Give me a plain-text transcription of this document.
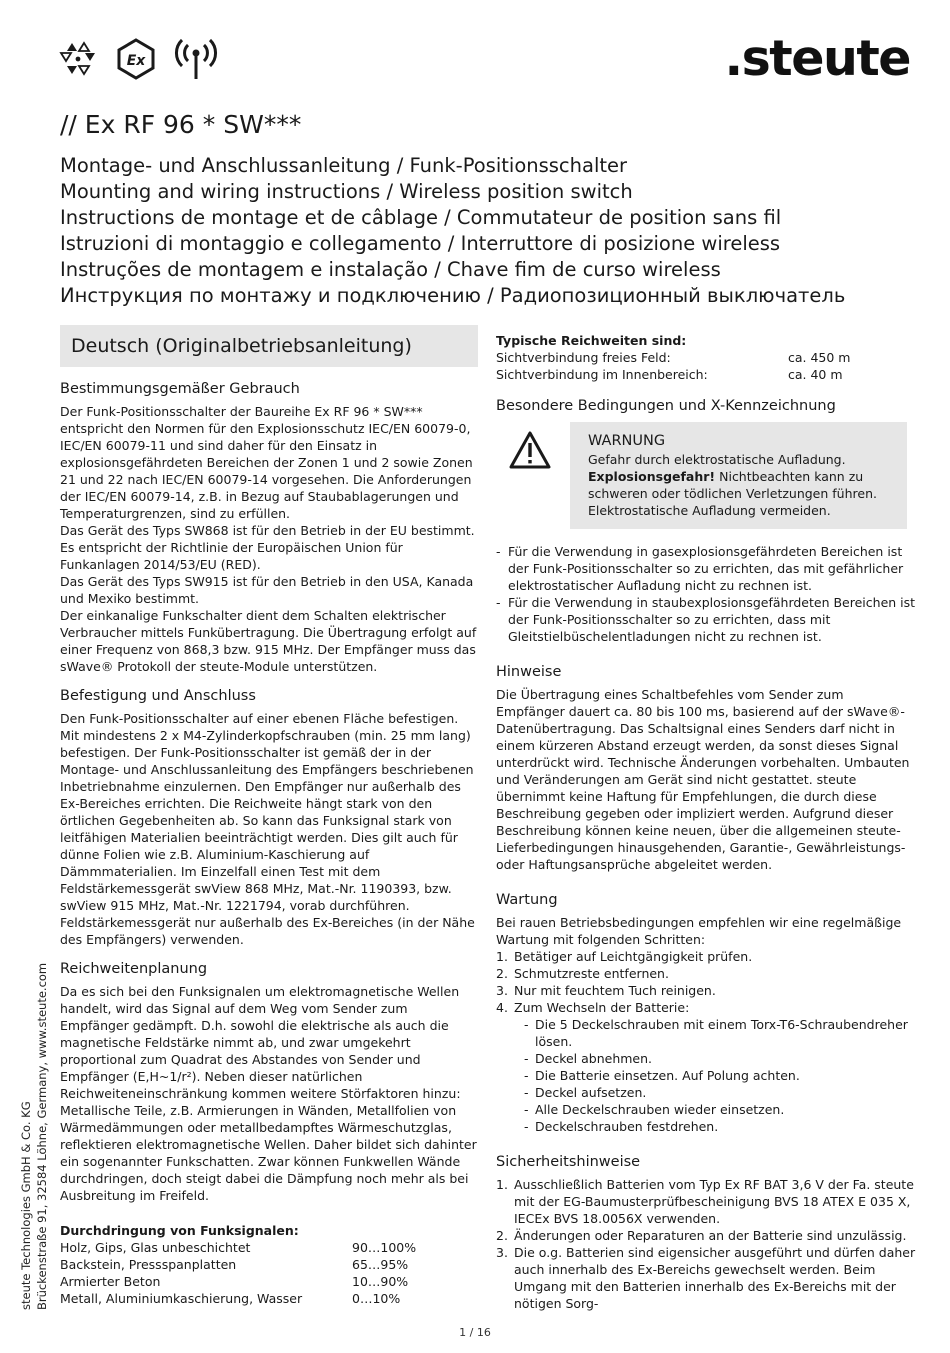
Ex	.steute
// Ex RF 96 * SW***
Montage- und Anschlussanleitung / Funk-Positionsschalter
Mounting and wiring instructions / Wireless position switch
Instructions de montage et de câblage / Commutateur de position sans fil
Istruzioni di montaggio e collegamento / Interruttore di posizione wireless
Instruções de montagem e instalação / Chave fim de curso wireless
Инструкция по монтажу и подключению / Радиопозиционный выключатель
Deutsch (Originalbetriebsanleitung)
Bestimmungsgemäßer Gebrauch

Der Funk-Positionsschalter der Baureihe Ex RF 96 * SW*** entspricht den Normen für den Explosionsschutz IEC/EN 60079-0, IEC/EN 60079-11 und sind daher für den Einsatz in explosionsgefährdeten Bereichen der Zonen 1 und 2 sowie Zonen 21 und 22 nach IEC/EN 60079-14 vorgesehen. Die Anforderungen der IEC/EN 60079-14, z.B. in Bezug auf Staubablagerungen und Temperaturgrenzen, sind zu erfüllen.

Das Gerät des Typs SW868 ist für den Betrieb in der EU bestimmt. Es entspricht der Richtlinie der Europäischen Union für Funkanlagen 2014/53/EU (RED).

Das Gerät des Typs SW915 ist für den Betrieb in den USA, Kanada und Mexiko bestimmt.

Der einkanalige Funkschalter dient dem Schalten elektrischer Verbraucher mittels Funkübertragung. Die Übertragung erfolgt auf einer Frequenz von 868,3 bzw. 915 MHz. Der Empfänger muss das sWave® Protokoll der steute-Module unterstützen.

Befestigung und Anschluss

Den Funk-Positionsschalter auf einer ebenen Fläche befestigen. Mit mindestens 2 x M4-Zylinderkopfschrauben (min. 25 mm lang) befestigen. Der Funk-Positionsschalter ist gemäß der in der Montage- und Anschlussanleitung des Empfängers beschriebenen Inbetriebnahme einzulernen. Den Empfänger nur außerhalb des Ex-Bereiches errichten. Die Reichweite hängt stark von den örtlichen Gegebenheiten ab. So kann das Funksignal stark von leitfähigen Materialien beeinträchtigt werden. Dies gilt auch für dünne Folien wie z.B. Aluminium-Kaschierung auf Dämmmaterialien. Im Einzelfall einen Test mit dem Feldstärkemessgerät swView 868 MHz, Mat.-Nr. 1190393, bzw. swView 915 MHz, Mat.-Nr. 1221794, vorab durchführen. Feldstärkemessgerät nur außerhalb des Ex-Bereiches (in der Nähe des Empfängers) verwenden.

Reichweitenplanung

Da es sich bei den Funksignalen um elektromagnetische Wellen handelt, wird das Signal auf dem Weg vom Sender zum Empfänger gedämpft. D.h. sowohl die elektrische als auch die magnetische Feldstärke nimmt ab, und zwar umgekehrt proportional zum Quadrat des Abstandes von Sender und Empfänger (E,H~1/r²). Neben dieser natürlichen Reichweiteneinschränkung kommen weitere Störfaktoren hinzu: Metallische Teile, z.B. Armierungen in Wänden, Metallfolien von Wärmedämmungen oder metallbedampftes Wärmeschutzglas, reflektieren elektromagnetische Wellen. Daher bildet sich dahinter ein sogenannter Funkschatten. Zwar können Funkwellen Wände durchdringen, doch steigt dabei die Dämpfung noch mehr als bei Ausbreitung im Freifeld.

Durchdringung von Funksignalen:

Holz, Gips, Glas unbeschichtet	90…100%
Backstein, Pressspanplatten	65…95%
Armierter Beton	10…90%
Metall, Aluminiumkaschierung, Wasser	0…10%

Typische Reichweiten sind:

Sichtverbindung freies Feld:	ca. 450 m
Sichtverbindung im Innenbereich:	ca. 40 m
Besondere Bedingungen und X-Kennzeichnung
WARNUNG

Gefahr durch elektrostatische Aufladung.

Explosionsgefahr! Nichtbeachten kann zu schweren oder tödlichen Verletzungen führen.

Elektrostatische Aufladung vermeiden.

- Für die Verwendung in gasexplosionsgefährdeten Bereichen ist der Funk-Positionsschalter so zu errichten, das mit gefährlicher elektrostatischer Aufladung nicht zu rechnen ist.
- Für die Verwendung in staubexplosionsgefährdeten Bereichen ist der Funk-Positionsschalter so zu errichten, dass mit Gleitstielbüschelentladungen nicht zu rechnen ist.
Hinweise

Die Übertragung eines Schaltbefehles vom Sender zum Empfänger dauert ca. 80 bis 100 ms, basierend auf der sWave®-Datenübertragung. Das Schaltsignal eines Senders darf nicht in einem kürzeren Abstand erzeugt werden, da sonst dieses Signal unterdrückt wird. Technische Änderungen vorbehalten. Umbauten und Veränderungen am Gerät sind nicht gestattet. steute übernimmt keine Haftung für Empfehlungen, die durch diese Beschreibung gegeben oder impliziert werden. Aufgrund dieser Beschreibung können keine neuen, über die allgemeinen steute-Lieferbedingungen hinausgehenden, Garantie-, Gewährleistungs- oder Haftungsansprüche abgeleitet werden.

Wartung

Bei rauen Betriebsbedingungen empfehlen wir eine regelmäßige Wartung mit folgenden Schritten:

1. Betätiger auf Leichtgängigkeit prüfen.
2. Schmutzreste entfernen.
3. Nur mit feuchtem Tuch reinigen.
4. Zum Wechseln der Batterie:
- Die 5 Deckelschrauben mit einem Torx-T6-Schraubendreher lösen.
- Deckel abnehmen.
- Die Batterie einsetzen. Auf Polung achten.
- Deckel aufsetzen.
- Alle Deckelschrauben wieder einsetzen.
- Deckelschrauben festdrehen.
Sicherheitshinweise
1. Ausschließlich Batterien vom Typ Ex RF BAT 3,6 V der Fa. steute mit der EG-Baumusterprüfbescheinigung BVS 18 ATEX E 035 X, IECEx BVS 18.0056X verwenden.
2. Änderungen oder Reparaturen an der Batterie sind unzulässig.
3. Die o.g. Batterien sind eigensicher ausgeführt und dürfen daher auch innerhalb des Ex-Bereichs gewechselt werden. Beim Umgang mit den Batterien innerhalb des Ex-Bereichs mit der nötigen Sorg-
steute Technologies GmbH & Co. KG Brückenstraße 91, 32584 Löhne, Germany, www.steute.com
1 / 16
